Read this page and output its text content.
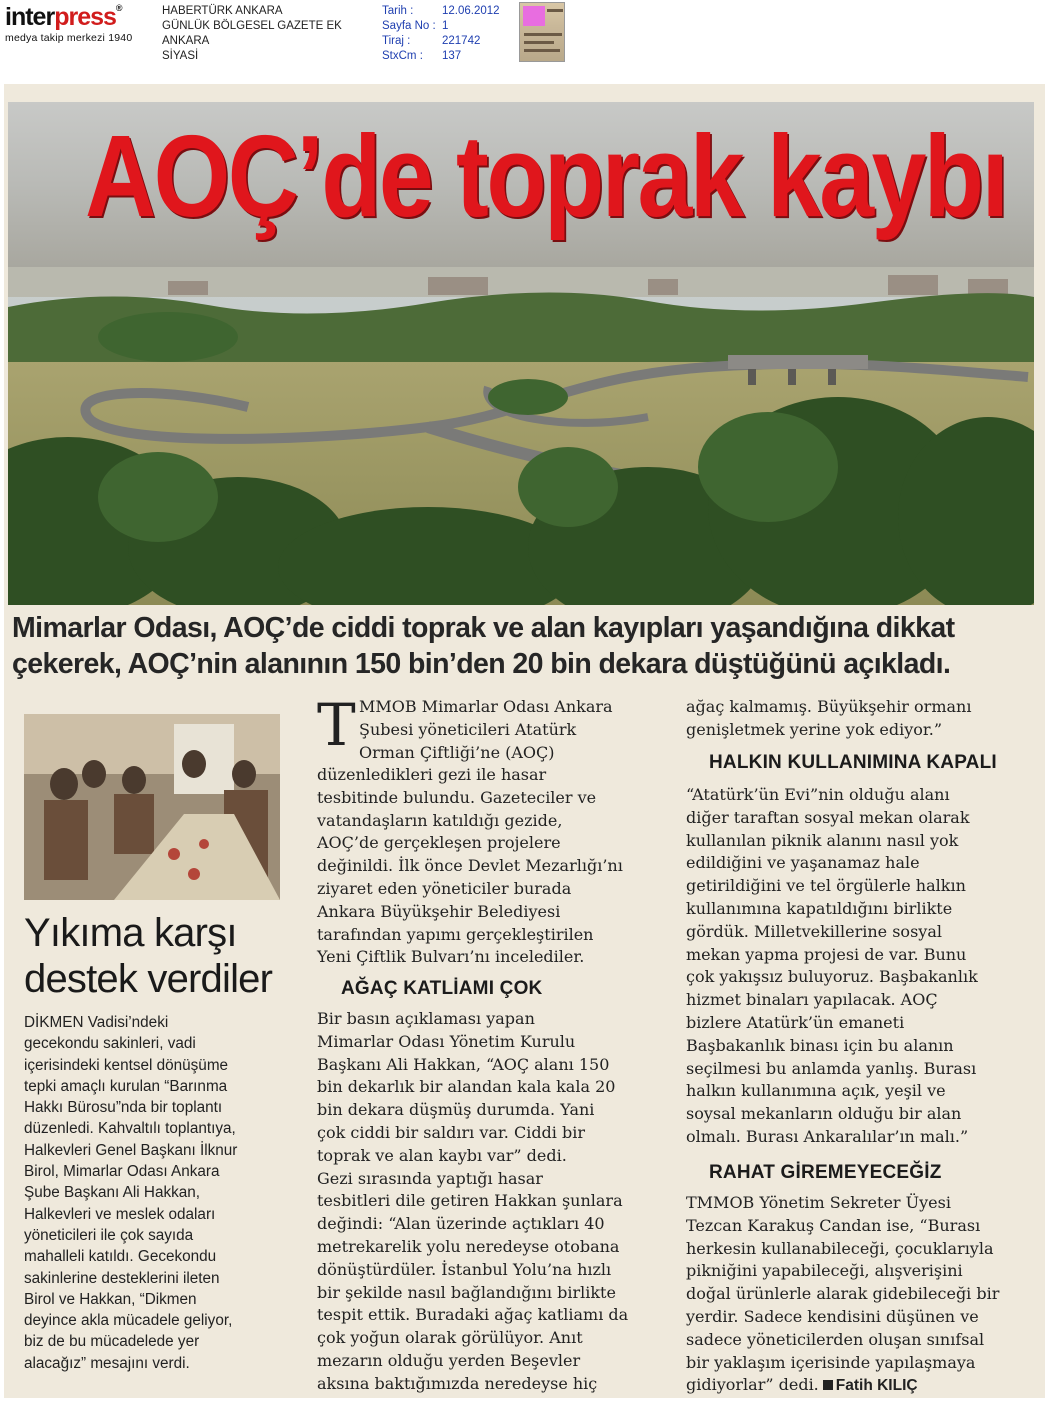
interpress®
medya takip merkezi 1940
HABERTÜRK ANKARA
GÜNLÜK BÖLGESEL GAZETE EK
ANKARA
SİYASİ
Tarih :	12.06.2012
Sayfa No : 1
Tiraj :	221742
StxCm :	137
AOÇ’de toprak kaybı
Mimarlar Odası, AOÇ’de ciddi toprak ve alan kayıpları yaşandığına dikkat
çekerek, AOÇ’nin alanının 150 bin’den 20 bin dekara düştüğünü açıkladı.
Yıkıma karşı
destek verdiler
DİKMEN Vadisi’ndeki
gecekondu sakinleri, vadi
içerisindeki kentsel dönüşüme
tepki amaçlı kurulan “Barınma
Hakkı Bürosu”nda bir toplantı
düzenledi. Kahvaltılı toplantıya,
Halkevleri Genel Başkanı İlknur
Birol, Mimarlar Odası Ankara
Şube Başkanı Ali Hakkan,
Halkevleri ve meslek odaları
yöneticileri ile çok sayıda
mahalleli katıldı. Gecekondu
sakinlerine desteklerini ileten
Birol ve Hakkan, “Dikmen
deyince akla mücadele geliyor,
biz de bu mücadelede yer
alacağız” mesajını verdi.
T MMOB Mimarlar Odası Ankara
Şubesi yöneticileri Atatürk
Orman Çiftliği’ne (AOÇ)
düzenledikleri gezi ile hasar
tesbitinde bulundu. Gazeteciler ve
vatandaşların katıldığı gezide,
AOÇ’de gerçekleşen projelere
değinildi. İlk önce Devlet Mezarlığı’nı
ziyaret eden yöneticiler burada
Ankara Büyükşehir Belediyesi
tarafından yapımı gerçekleştirilen
Yeni Çiftlik Bulvarı’nı incelediler.
AĞAÇ KATLİAMI ÇOK
Bir basın açıklaması yapan
Mimarlar Odası Yönetim Kurulu
Başkanı Ali Hakkan, “AOÇ alanı 150
bin dekarlık bir alandan kala kala 20
bin dekara düşmüş durumda. Yani
çok ciddi bir saldırı var. Ciddi bir
toprak ve alan kaybı var” dedi.
Gezi sırasında yaptığı hasar
tesbitleri dile getiren Hakkan şunlara
değindi: “Alan üzerinde açtıkları 40
metrekarelik yolu neredeyse otobana
dönüştürdüler. İstanbul Yolu’na hızlı
bir şekilde nasıl bağlandığını birlikte
tespit ettik. Buradaki ağaç katliamı da
çok yoğun olarak görülüyor. Anıt
mezarın olduğu yerden Beşevler
aksına baktığımızda neredeyse hiç
ağaç kalmamış. Büyükşehir ormanı
genişletmek yerine yok ediyor.”
HALKIN KULLANIMINA KAPALI
“Atatürk’ün Evi”nin olduğu alanı
diğer taraftan sosyal mekan olarak
kullanılan piknik alanını nasıl yok
edildiğini ve yaşanamaz hale
getirildiğini ve tel örgülerle halkın
kullanımına kapatıldığını birlikte
gördük. Milletvekillerine sosyal
mekan yapma projesi de var. Bunu
çok yakışsız buluyoruz. Başbakanlık
hizmet binaları yapılacak. AOÇ
bizlere Atatürk’ün emaneti
Başbakanlık binası için bu alanın
seçilmesi bu anlamda yanlış. Burası
halkın kullanımına açık, yeşil ve
soysal mekanların olduğu bir alan
olmalı. Burası Ankaralılar’ın malı.”
RAHAT GİREMEYECEĞİZ
TMMOB Yönetim Sekreter Üyesi
Tezcan Karakuş Candan ise, “Burası
herkesin kullanabileceği, çocuklarıyla
pikniğini yapabileceği, alışverişini
doğal ürünlerle alarak gidebileceği bir
yerdir. Sadece kendisini düşünen ve
sadece yöneticilerden oluşan sınıfsal
bir yaklaşım içerisinde yapılaşmaya
gidiyorlar” dedi. Fatih KILIÇ
